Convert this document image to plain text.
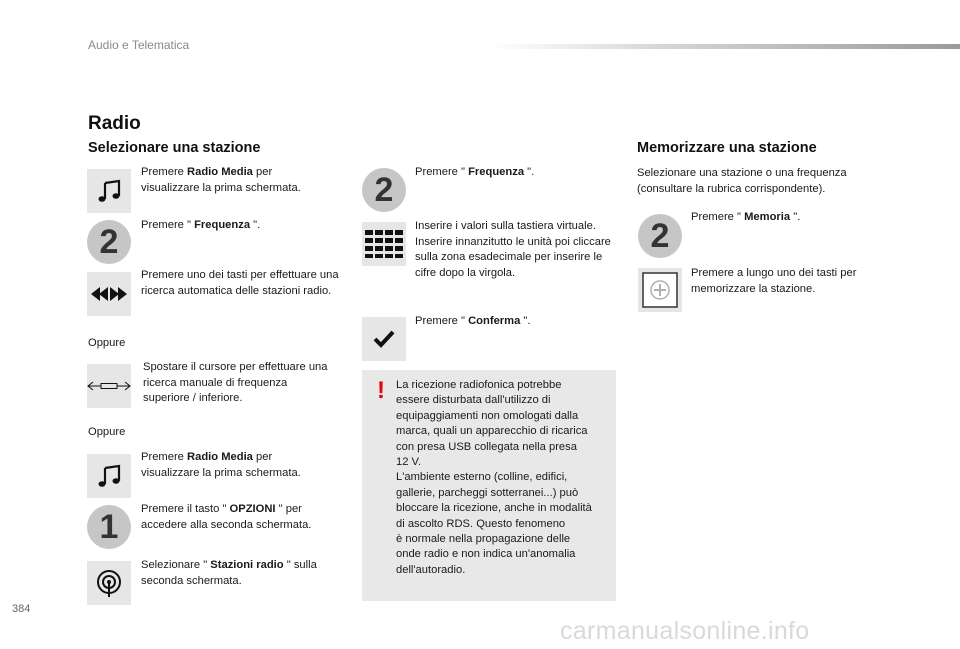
Audio e Telematica
Radio
Selezionare una stazione
Premere Radio Media per visualizzare la prima schermata.
2	Premere " Frequenza ".
Premere uno dei tasti per effettuare una ricerca automatica delle stazioni radio.
Oppure
Spostare il cursore per effettuare una ricerca manuale di frequenza superiore / inferiore.
Oppure
Premere Radio Media per visualizzare la prima schermata.
1	Premere il tasto " OPZIONI " per accedere alla seconda schermata.
Selezionare " Stazioni radio " sulla seconda schermata.
2	Premere " Frequenza ".
Inserire i valori sulla tastiera virtuale. Inserire innanzitutto le unità poi cliccare sulla zona esadecimale per inserire le cifre dopo la virgola.
Premere " Conferma ".
! La ricezione radiofonica potrebbe
essere disturbata dall'utilizzo di
equipaggiamenti non omologati dalla
marca, quali un apparecchio di ricarica
con presa USB collegata nella presa
12 V.
L'ambiente esterno (colline, edifici,
gallerie, parcheggi sotterranei...) può
bloccare la ricezione, anche in modalità
di ascolto RDS. Questo fenomeno
è normale nella propagazione delle
onde radio e non indica un'anomalia
dell'autoradio.
Memorizzare una stazione
Selezionare una stazione o una frequenza (consultare la rubrica corrispondente).
2	Premere " Memoria ".
Premere a lungo uno dei tasti per memorizzare la stazione.
384
carmanualsonline.info
